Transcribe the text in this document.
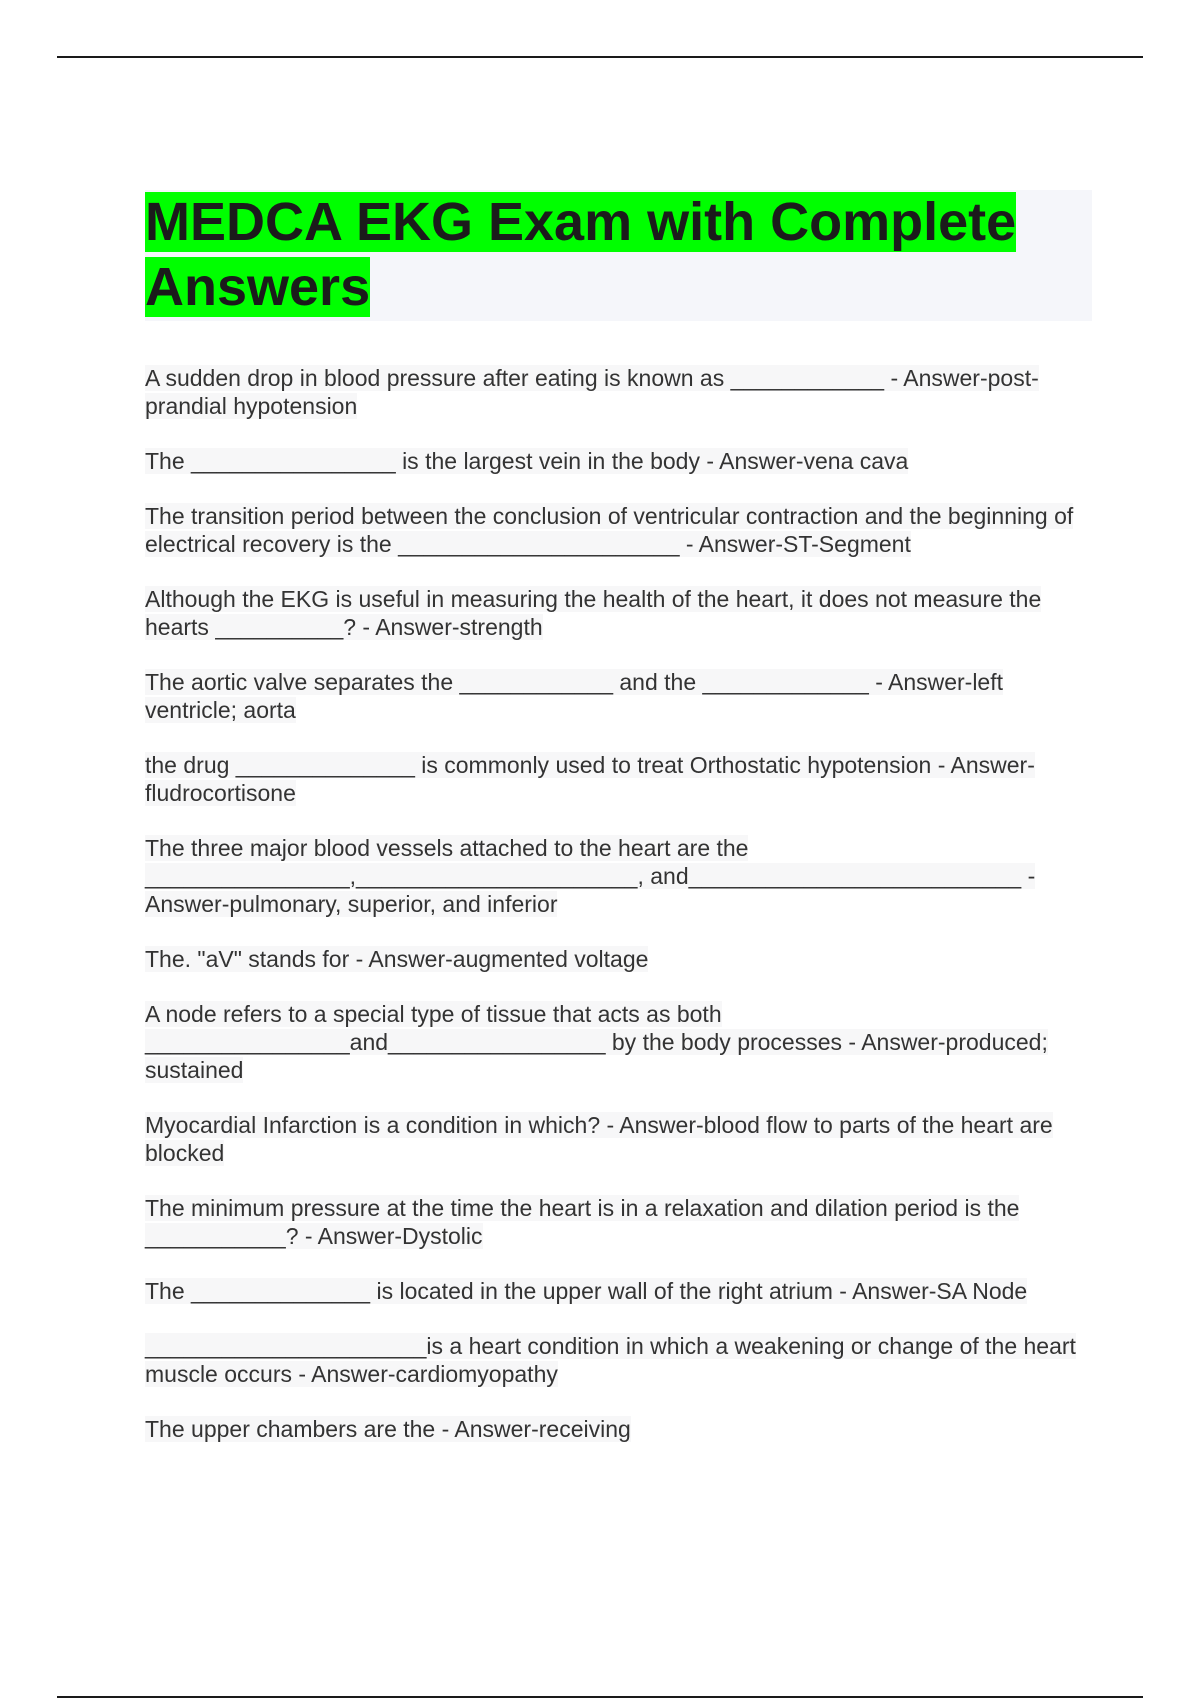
MEDCA EKG Exam with Complete Answers

A sudden drop in blood pressure after eating is known as ____________ - Answer-post-prandial hypotension

The ________________ is the largest vein in the body - Answer-vena cava

The transition period between the conclusion of ventricular contraction and the beginning of electrical recovery is the ______________________ - Answer-ST-Segment

Although the EKG is useful in measuring the health of the heart, it does not measure the hearts __________? - Answer-strength

The aortic valve separates the ____________ and the _____________ - Answer-left ventricle; aorta

the drug ______________ is commonly used to treat Orthostatic hypotension - Answer-fludrocortisone

The three major blood vessels attached to the heart are the ________________,______________________, and__________________________ - Answer-pulmonary, superior, and inferior

The. "aV" stands for - Answer-augmented voltage

A node refers to a special type of tissue that acts as both ________________and_________________ by the body processes - Answer-produced; sustained

Myocardial Infarction is a condition in which? - Answer-blood flow to parts of the heart are blocked

The minimum pressure at the time the heart is in a relaxation and dilation period is the ___________? - Answer-Dystolic

The ______________ is located in the upper wall of the right atrium - Answer-SA Node

______________________is a heart condition in which a weakening or change of the heart muscle occurs - Answer-cardiomyopathy

The upper chambers are the - Answer-receiving
